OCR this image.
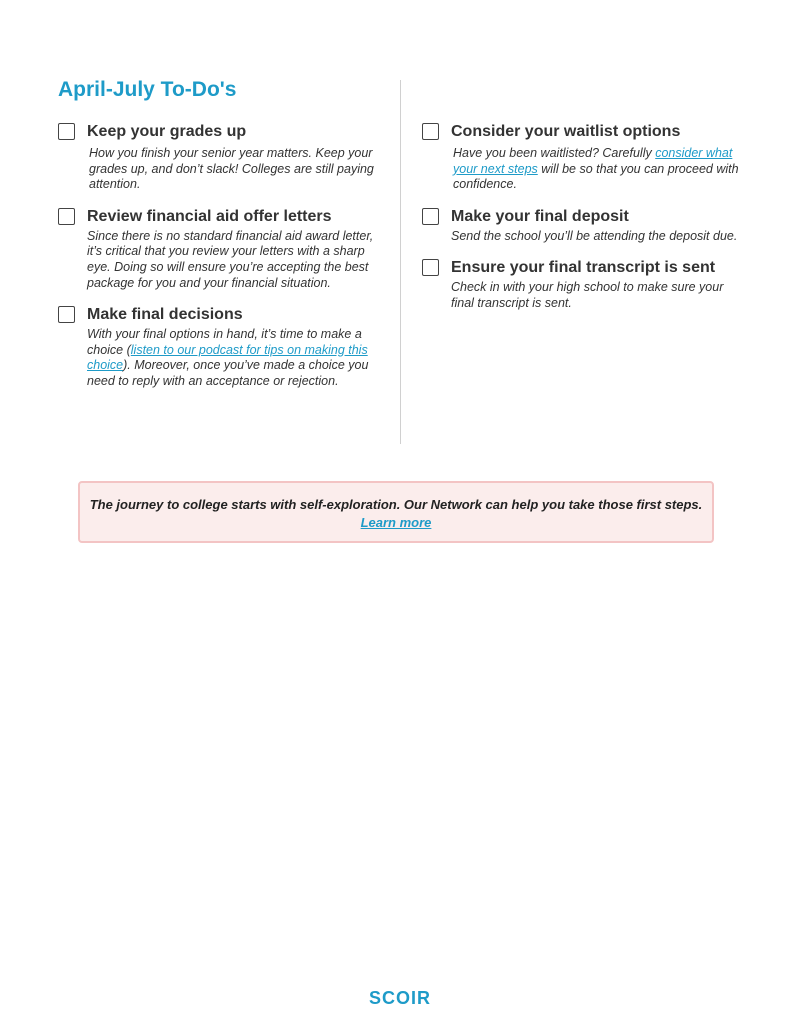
April-July To-Do's
Keep your grades up
How you finish your senior year matters. Keep your grades up, and don’t slack! Colleges are still paying attention.
Review financial aid offer letters
Since there is no standard financial aid award letter, it’s critical that you review your letters with a sharp eye. Doing so will ensure you’re accepting the best package for you and your financial situation.
Make final decisions
With your final options in hand, it’s time to make a choice (listen to our podcast for tips on making this choice). Moreover, once you’ve made a choice you need to reply with an acceptance or rejection.
Consider your waitlist options
Have you been waitlisted? Carefully consider what your next steps will be so that you can proceed with confidence.
Make your final deposit
Send the school you’ll be attending the deposit due.
Ensure your final transcript is sent
Check in with your high school to make sure your final transcript is sent.
The journey to college starts with self-exploration. Our Network can help you take those first steps.
Learn more
SCOIR
